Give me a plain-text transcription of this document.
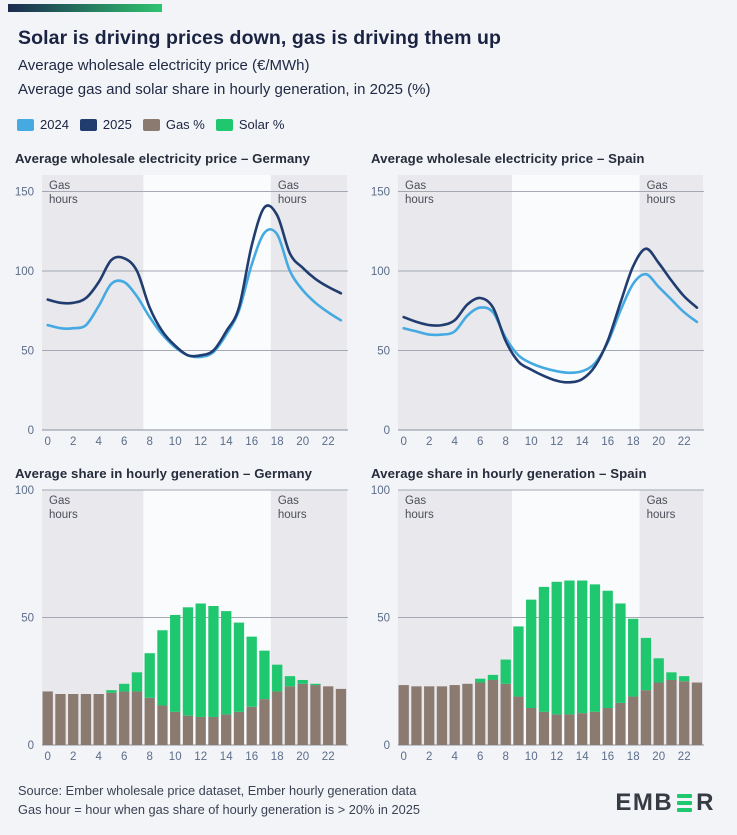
Solar is driving prices down, gas is driving them up
Average wholesale electricity price (€/MWh)
Average gas and solar share in hourly generation, in 2025 (%)
2024	2025	Gas %	Solar %
Average wholesale electricity price – Germany
0
50
100
150
0 2 4 6 8 10 12 14 16 18 20 22
Gas
hours
Gas
hours
Average wholesale electricity price – Spain
0
50
100
150
0 2 4 6 8 10 12 14 16 18 20 22
Gas
hours
Gas
hours
Average share in hourly generation – Germany
0
50
100
0 2 4 6 8 10 12 14 16 18 20 22
Gas
hours
Gas
hours
Average share in hourly generation – Spain
0
50
100
0 2 4 6 8 10 12 14 16 18 20 22
Gas
hours
Gas
hours
Source: Ember wholesale price dataset, Ember hourly generation data
Gas hour = hour when gas share of hourly generation is > 20% in 2025	EMB R
